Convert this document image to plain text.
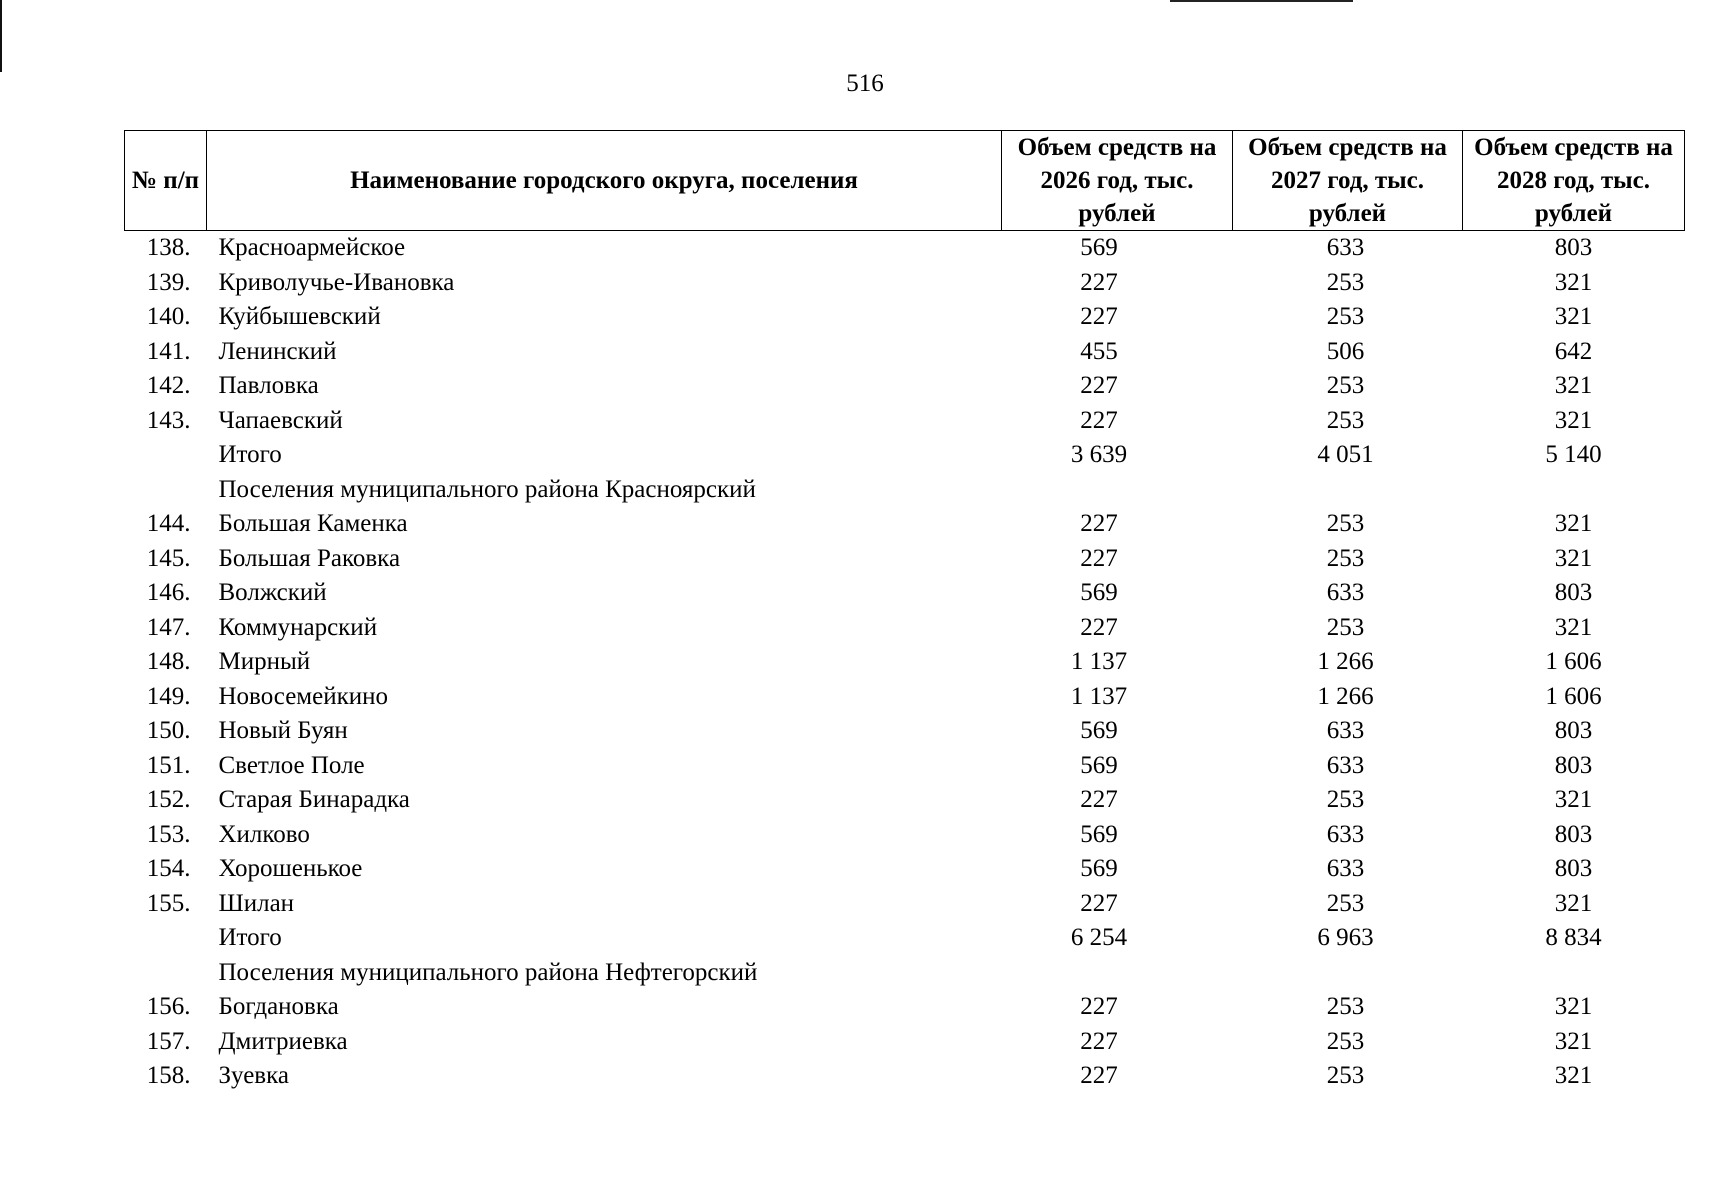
516
№ п/п	Наименование городского округа, поселения	Объем средств на 2026 год, тыс. рублей	Объем средств на 2027 год, тыс. рублей	Объем средств на 2028 год, тыс. рублей
138.	Красноармейское	569	633	803
139.	Криволучье-Ивановка	227	253	321
140.	Куйбышевский	227	253	321
141.	Ленинский	455	506	642
142.	Павловка	227	253	321
143.	Чапаевский	227	253	321
	Итого	3 639	4 051	5 140
	Поселения муниципального района Красноярский			
144.	Большая Каменка	227	253	321
145.	Большая Раковка	227	253	321
146.	Волжский	569	633	803
147.	Коммунарский	227	253	321
148.	Мирный	1 137	1 266	1 606
149.	Новосемейкино	1 137	1 266	1 606
150.	Новый Буян	569	633	803
151.	Светлое Поле	569	633	803
152.	Старая Бинарадка	227	253	321
153.	Хилково	569	633	803
154.	Хорошенькое	569	633	803
155.	Шилан	227	253	321
	Итого	6 254	6 963	8 834
	Поселения муниципального района Нефтегорский			
156.	Богдановка	227	253	321
157.	Дмитриевка	227	253	321
158.	Зуевка	227	253	321
